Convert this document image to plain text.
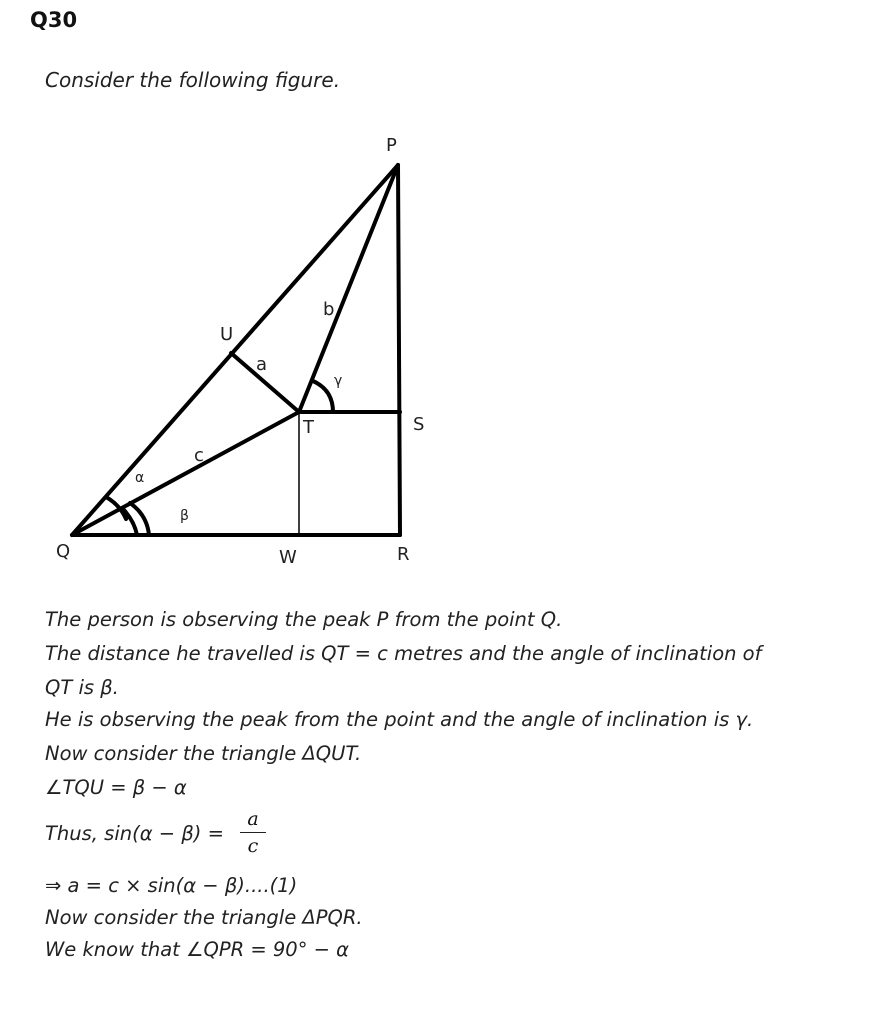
Q30
Consider the following figure.
P
Q	R
S
T
U
W
a
b
c
α
β
γ
The person is observing the peak P from the point Q.
The distance he travelled is QT = c metres and the angle of inclination of
QT is β.
He is observing the peak from the point and the angle of inclination is γ.
Now consider the triangle ΔQUT.
∠TQU = β − α
Thus, sin(α − β) =
a
c
⇒ a = c × sin(α − β)....(1)
Now consider the triangle ΔPQR.
We know that ∠QPR = 90° − α
